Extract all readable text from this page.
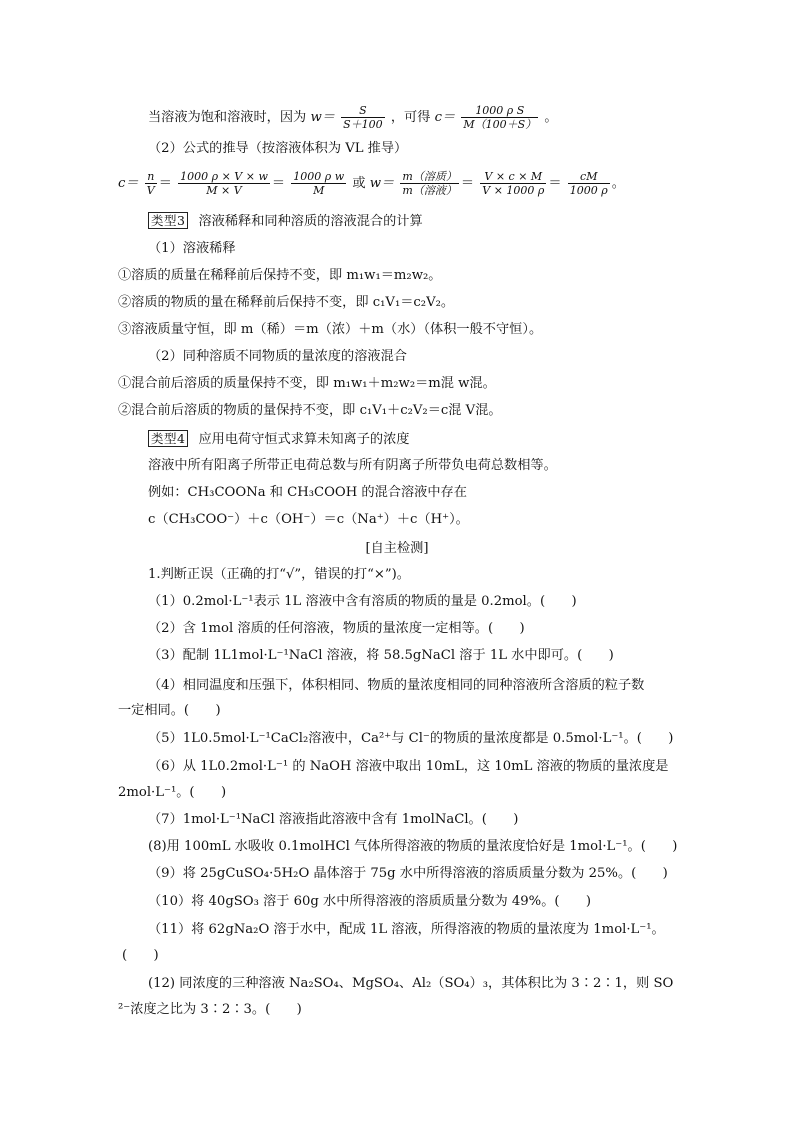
当溶液为饱和溶液时，因为 $w= \frac{S}{S+100}$ ，可得 $c= \frac{\text{1000 ρ S}}{M(100+S)}$ 。
（2）公式的推导（按溶液体积为 VL 推导）
$c= \frac{n}{V} = \frac{1000 \rho \times V \times w}{M \times V} = \frac{\text{1000 ρ w}}{M}$ 或 $w= \frac{\text{m（溶质）}}{\text{m（溶液）}} = \frac{V \times c \times M}{V \times 1000 \rho} = \frac{cM}{1000 \rho}$ 。
类型3 溶液稀释和同种溶质的溶液混合的计算
（1）溶液稀释
①溶质的质量在稀释前后保持不变，即 m₁w₁＝m₂w₂。
②溶质的物质的量在稀释前后保持不变，即 c₁V₁＝c₂V₂。
③溶液质量守恒，即 m（稀）＝m（浓）＋m（水）（体积一般不守恒）。
（2）同种溶质不同物质的量浓度的溶液混合
①混合前后溶质的质量保持不变，即 m₁w₁＋m₂w₂＝m混 w混。
②混合前后溶质的物质的量保持不变，即 c₁V₁＋c₂V₂＝c混 V混。
类型4 应用电荷守恒式求算未知离子的浓度
溶液中所有阳离子所带正电荷总数与所有阴离子所带负电荷总数相等。
例如：CH₃COONa 和 CH₃COOH 的混合溶液中存在
c（CH₃COO⁻）＋c（OH⁻）＝c（Na⁺）＋c（H⁺）。
[自主检测]
1.判断正误（正确的打“√”，错误的打“×”)。
（1）0.2mol·L⁻¹表示 1L 溶液中含有溶质的物质的量是 0.2mol。(　　)
（2）含 1mol 溶质的任何溶液，物质的量浓度一定相等。(　　)
（3）配制 1L1mol·L⁻¹NaCl 溶液，将 58.5gNaCl 溶于 1L 水中即可。(　　)
（4）相同温度和压强下，体积相同、物质的量浓度相同的同种溶液所含溶质的粒子数
一定相同。(　　)
（5）1L0.5mol·L⁻¹CaCl₂溶液中，Ca²⁺与 Cl⁻的物质的量浓度都是 0.5mol·L⁻¹。(　　)
（6）从 1L0.2mol·L⁻¹ 的 NaOH 溶液中取出 10mL，这 10mL 溶液的物质的量浓度是
2mol·L⁻¹。(　　)
（7）1mol·L⁻¹NaCl 溶液指此溶液中含有 1molNaCl。(　　)
(8)用 100mL 水吸收 0.1molHCl 气体所得溶液的物质的量浓度恰好是 1mol·L⁻¹。(　　)
（9）将 25gCuSO₄·5H₂O 晶体溶于 75g 水中所得溶液的溶质质量分数为 25%。(　　)
（10）将 40gSO₃ 溶于 60g 水中所得溶液的溶质质量分数为 49%。(　　)
（11）将 62gNa₂O 溶于水中，配成 1L 溶液，所得溶液的物质的量浓度为 1mol·L⁻¹。
(　　)
(12) 同浓度的三种溶液 Na₂SO₄、MgSO₄、Al₂（SO₄）₃，其体积比为 3∶2∶1，则 SO
²⁻浓度之比为 3∶2∶3。(　　)
